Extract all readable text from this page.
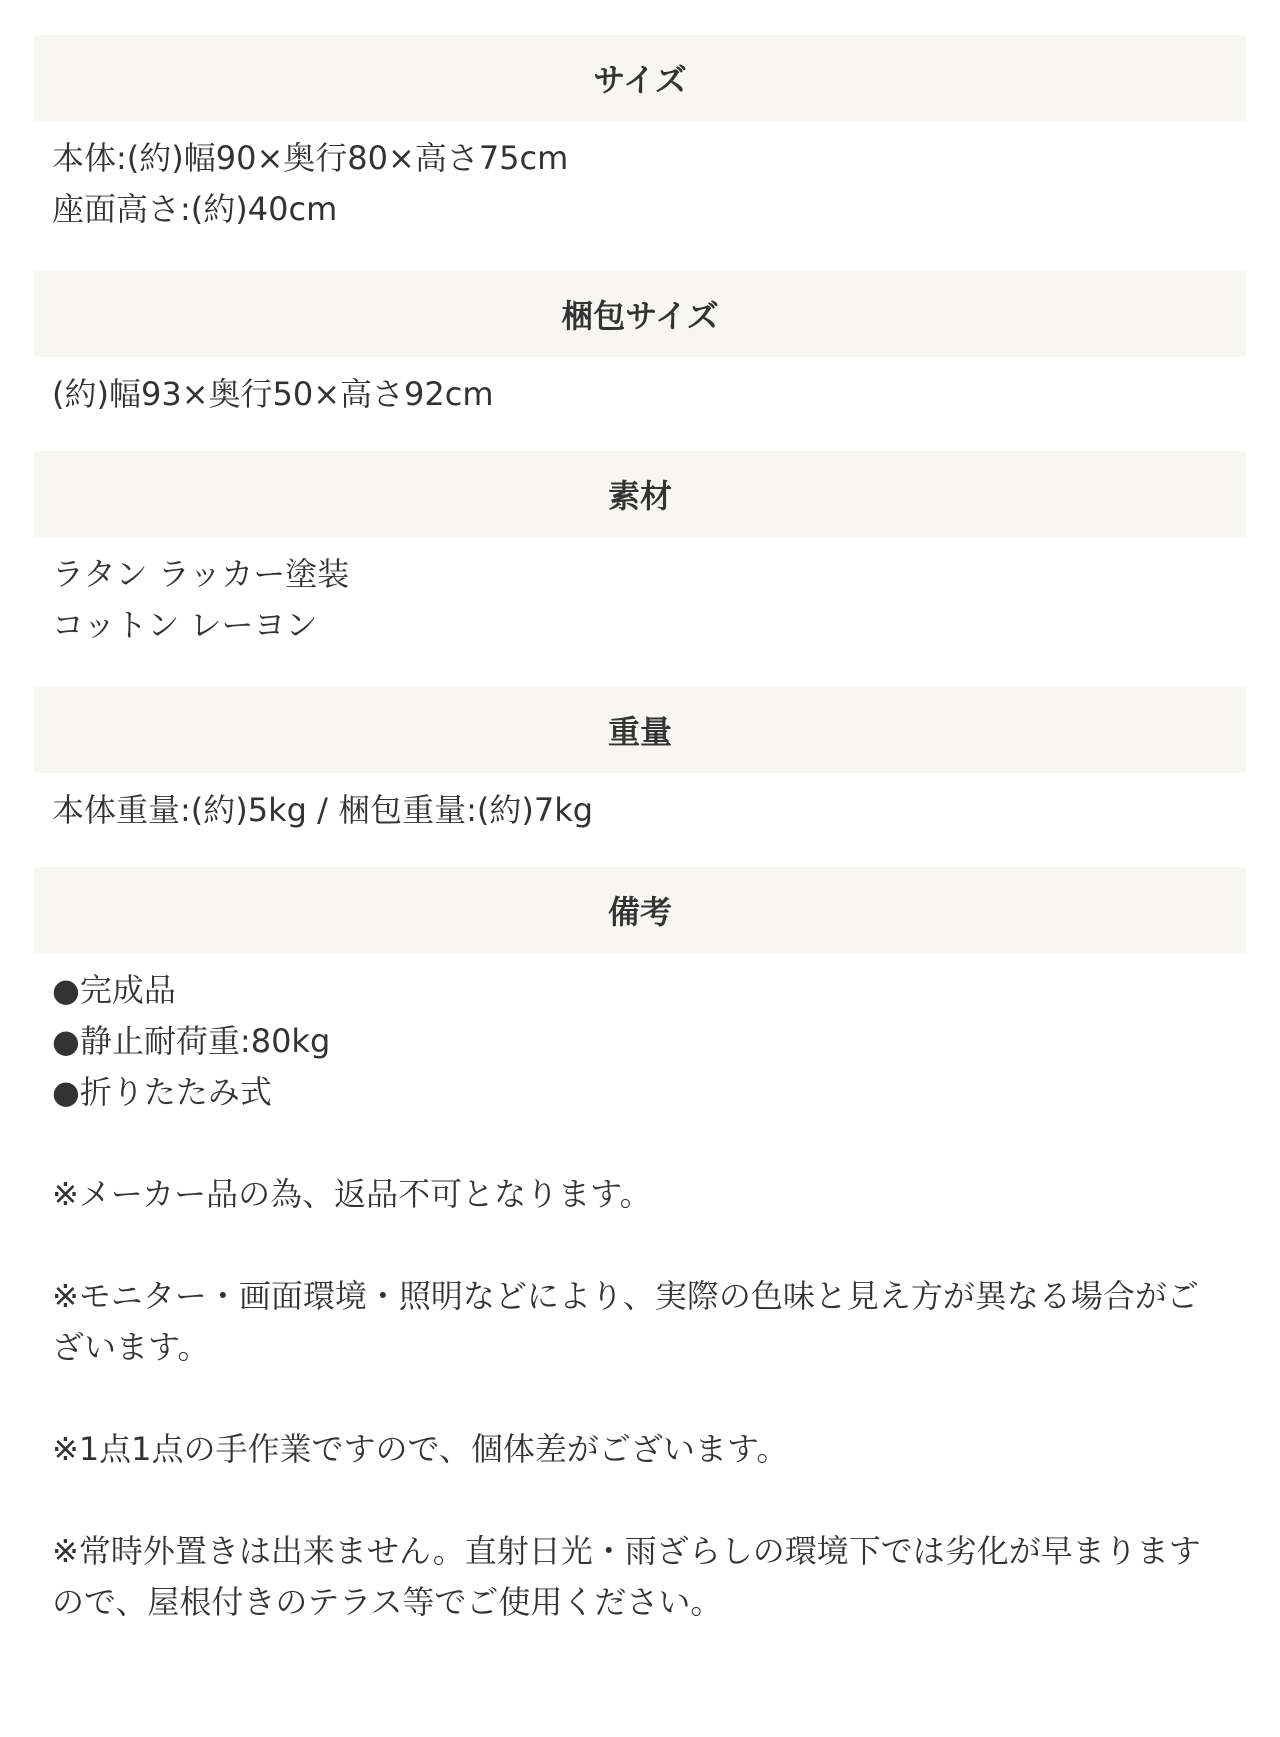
サイズ
本体:(約)幅90×奥行80×高さ75cm
座面高さ:(約)40cm
梱包サイズ
(約)幅93×奥行50×高さ92cm
素材
ラタン ラッカー塗装
コットン レーヨン
重量
本体重量:(約)5kg / 梱包重量:(約)7kg
備考
●完成品
●静止耐荷重:80kg
●折りたたみ式
※メーカー品の為、返品不可となります。
※モニター・画面環境・照明などにより、実際の色味と見え方が異なる場合がございます。
※1点1点の手作業ですので、個体差がございます。
※常時外置きは出来ません。直射日光・雨ざらしの環境下では劣化が早まりますので、屋根付きのテラス等でご使用ください。
